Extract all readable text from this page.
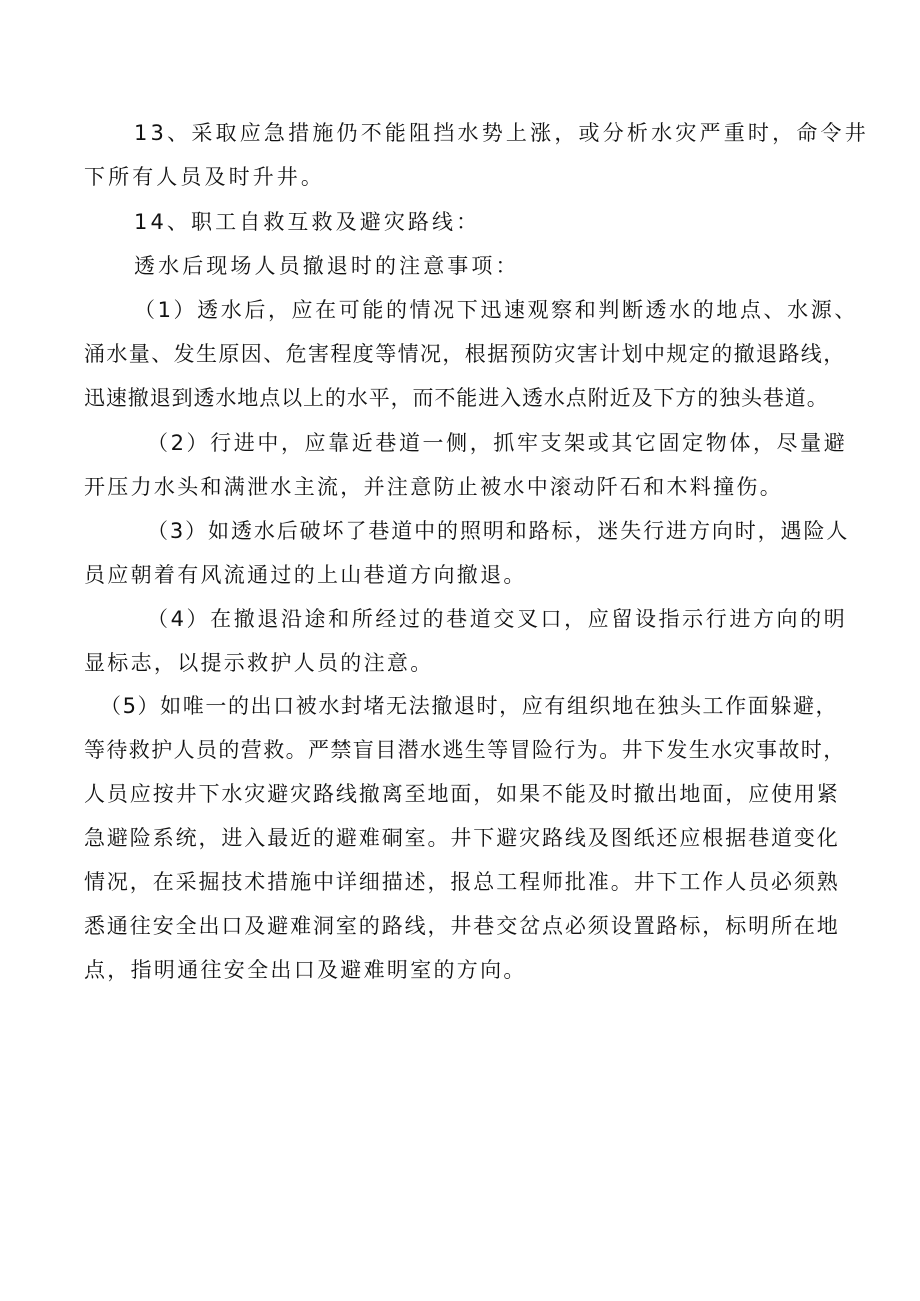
13、采取应急措施仍不能阻挡水势上涨，或分析水灾严重时，命令井
下所有人员及时升井。
14、职工自救互救及避灾路线：
透水后现场人员撤退时的注意事项：
（1）透水后，应在可能的情况下迅速观察和判断透水的地点、水源、
涌水量、发生原因、危害程度等情况，根据预防灾害计划中规定的撤退路线，
迅速撤退到透水地点以上的水平，而不能进入透水点附近及下方的独头巷道。
（2）行进中，应靠近巷道一侧，抓牢支架或其它固定物体，尽量避
开压力水头和满泄水主流，并注意防止被水中滚动阡石和木料撞伤。
（3）如透水后破坏了巷道中的照明和路标，迷失行进方向时，遇险人
员应朝着有风流通过的上山巷道方向撤退。
（4）在撤退沿途和所经过的巷道交叉口，应留设指示行进方向的明
显标志，以提示救护人员的注意。
（5）如唯一的出口被水封堵无法撤退时，应有组织地在独头工作面躲避，
等待救护人员的营救。严禁盲目潜水逃生等冒险行为。井下发生水灾事故时，
人员应按井下水灾避灾路线撤离至地面，如果不能及时撤出地面，应使用紧
急避险系统，进入最近的避难硐室。井下避灾路线及图纸还应根据巷道变化
情况，在采掘技术措施中详细描述，报总工程师批准。井下工作人员必须熟
悉通往安全出口及避难洞室的路线，井巷交岔点必须设置路标，标明所在地
点，指明通往安全出口及避难明室的方向。
